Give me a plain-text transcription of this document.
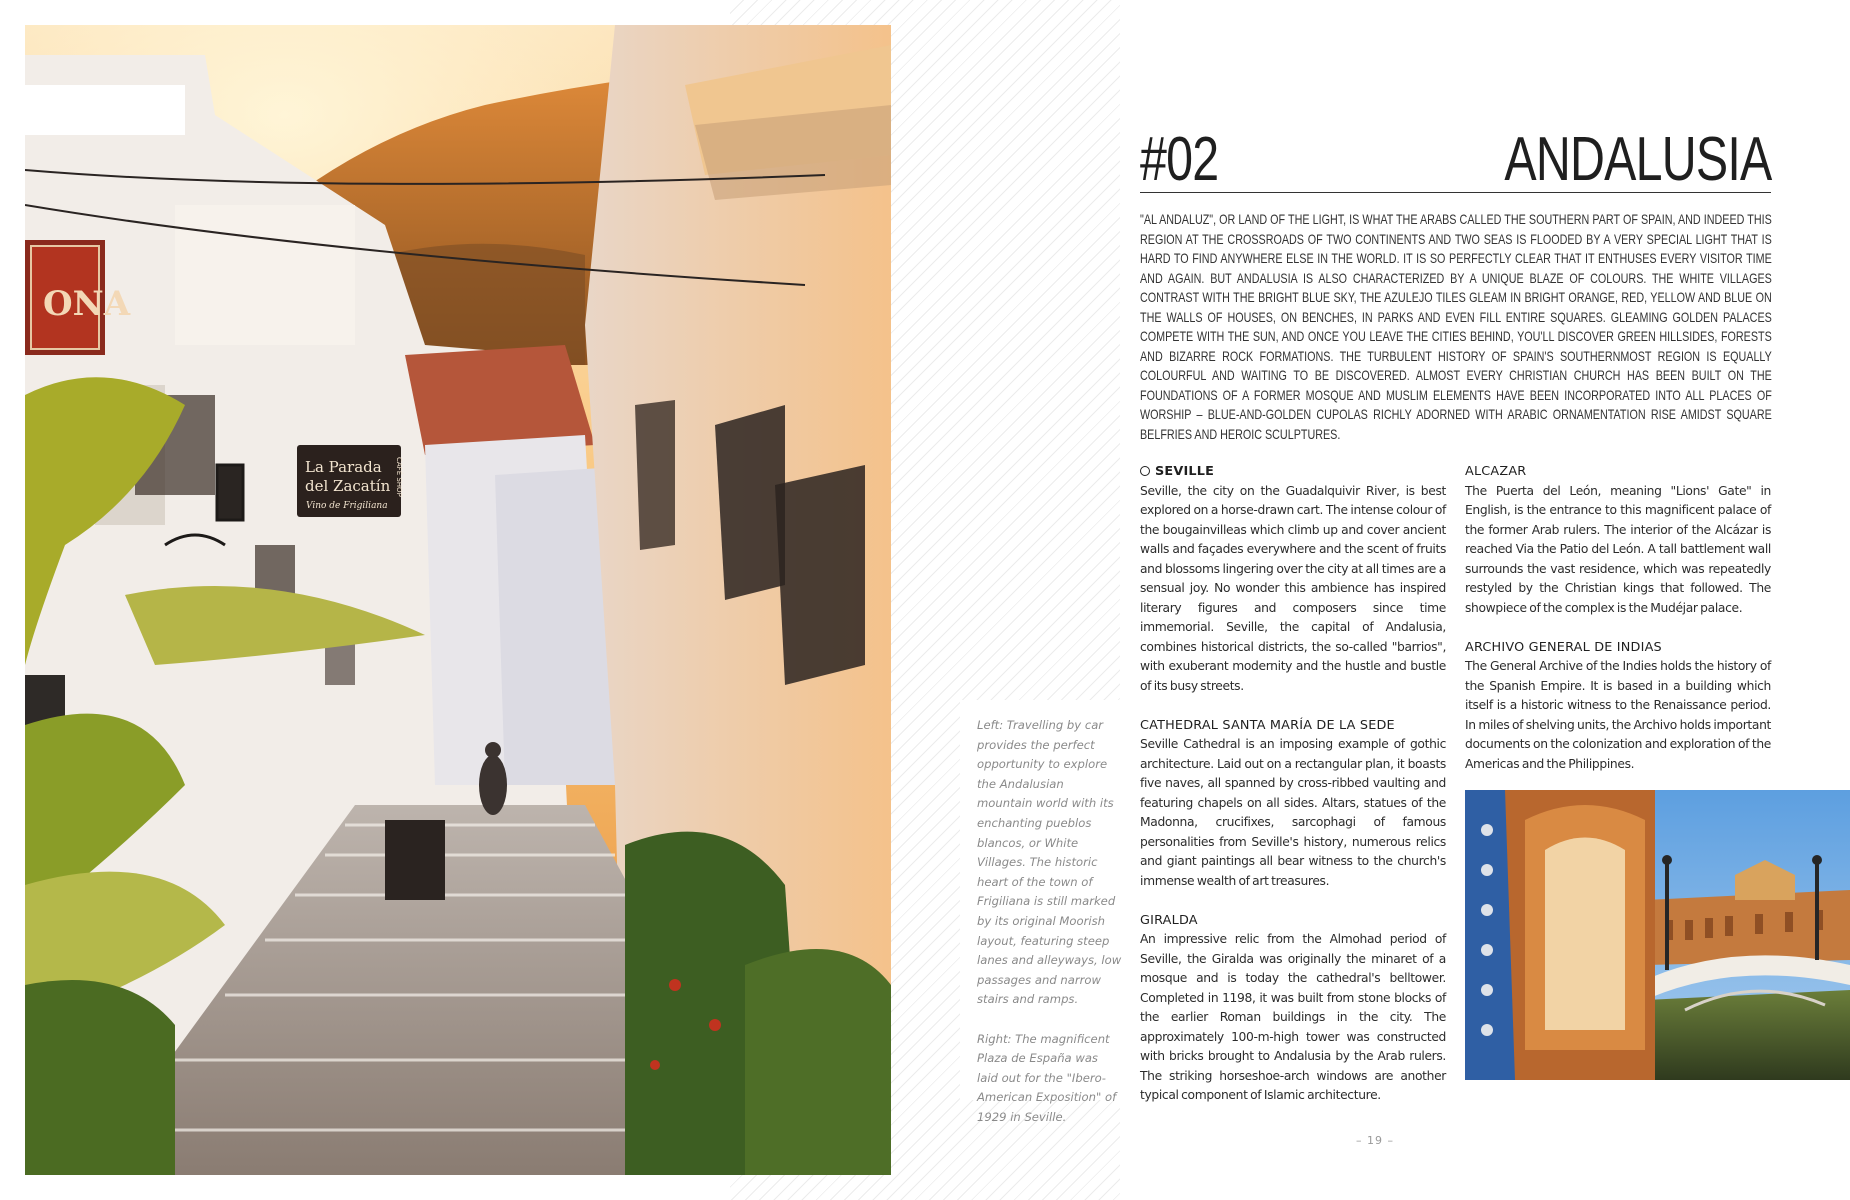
ONA
La Parada
del Zacatín
Vino de Frigiliana
CAFÉ SHOP

Left: Travelling by car provides the perfect opportunity to explore the Andalusian mountain world with its enchanting pueblos blancos, or White Villages. The historic heart of the town of Frigiliana is still marked by its original Moorish layout, featuring steep lanes and alleyways, low passages and narrow stairs and ramps.

Right: The magnificent Plaza de España was laid out for the "Ibero-American Exposition" of 1929 in Seville.

#02	ANDALUSIA

"AL ANDALUZ", OR LAND OF THE LIGHT, IS WHAT THE ARABS CALLED THE SOUTHERN PART OF SPAIN, AND INDEED THIS REGION AT THE CROSSROADS OF TWO CONTINENTS AND TWO SEAS IS FLOODED BY A VERY SPECIAL LIGHT THAT IS HARD TO FIND ANYWHERE ELSE IN THE WORLD. IT IS SO PERFECTLY CLEAR THAT IT ENTHUSES EVERY VISITOR TIME AND AGAIN. BUT ANDALUSIA IS ALSO CHARACTERIZED BY A UNIQUE BLAZE OF COLOURS. THE WHITE VILLAGES CONTRAST WITH THE BRIGHT BLUE SKY, THE AZULEJO TILES GLEAM IN BRIGHT ORANGE, RED, YELLOW AND BLUE ON THE WALLS OF HOUSES, ON BENCHES, IN PARKS AND EVEN FILL ENTIRE SQUARES. GLEAMING GOLDEN PALACES COMPETE WITH THE SUN, AND ONCE YOU LEAVE THE CITIES BEHIND, YOU'LL DISCOVER GREEN HILLSIDES, FORESTS AND BIZARRE ROCK FORMATIONS. THE TURBULENT HISTORY OF SPAIN'S SOUTHERNMOST REGION IS EQUALLY COLOURFUL AND WAITING TO BE DISCOVERED. ALMOST EVERY CHRISTIAN CHURCH HAS BEEN BUILT ON THE FOUNDATIONS OF A FORMER MOSQUE AND MUSLIM ELEMENTS HAVE BEEN INCORPORATED INTO ALL PLACES OF WORSHIP – BLUE-AND-GOLDEN CUPOLAS RICHLY ADORNED WITH ARABIC ORNAMENTATION RISE AMIDST SQUARE BELFRIES AND HEROIC SCULPTURES.

SEVILLE

Seville, the city on the Guadalquivir River, is best explored on a horse-drawn cart. The intense colour of the bougainvilleas which climb up and cover ancient walls and façades everywhere and the scent of fruits and blossoms lingering over the city at all times are a sensual joy. No wonder this ambience has inspired literary figures and composers since time immemorial. Seville, the capital of Andalusia, combines historical districts, the so-called "barrios", with exuberant modernity and the hustle and bustle of its busy streets.

CATHEDRAL SANTA MARÍA DE LA SEDE

Seville Cathedral is an imposing example of gothic architecture. Laid out on a rectangular plan, it boasts five naves, all spanned by cross-ribbed vaulting and featuring chapels on all sides. Altars, statues of the Madonna, crucifixes, sarcophagi of famous personalities from Seville's history, numerous relics and giant paintings all bear witness to the church's immense wealth of art treasures.

GIRALDA

An impressive relic from the Almohad period of Seville, the Giralda was originally the minaret of a mosque and is today the cathedral's belltower. Completed in 1198, it was built from stone blocks of the earlier Roman buildings in the city. The approximately 100-m-high tower was constructed with bricks brought to Andalusia by the Arab rulers. The striking horseshoe-arch windows are another typical component of Islamic architecture.

ALCAZAR

The Puerta del León, meaning "Lions' Gate" in English, is the entrance to this magnificent palace of the former Arab rulers. The interior of the Alcázar is reached Via the Patio del León. A tall battlement wall surrounds the vast residence, which was repeatedly restyled by the Christian kings that followed. The showpiece of the complex is the Mudéjar palace.

ARCHIVO GENERAL DE INDIAS

The General Archive of the Indies holds the history of the Spanish Empire. It is based in a building which itself is a historic witness to the Renaissance period. In miles of shelving units, the Archivo holds important documents on the colonization and exploration of the Americas and the Philippines.

– 19 –
